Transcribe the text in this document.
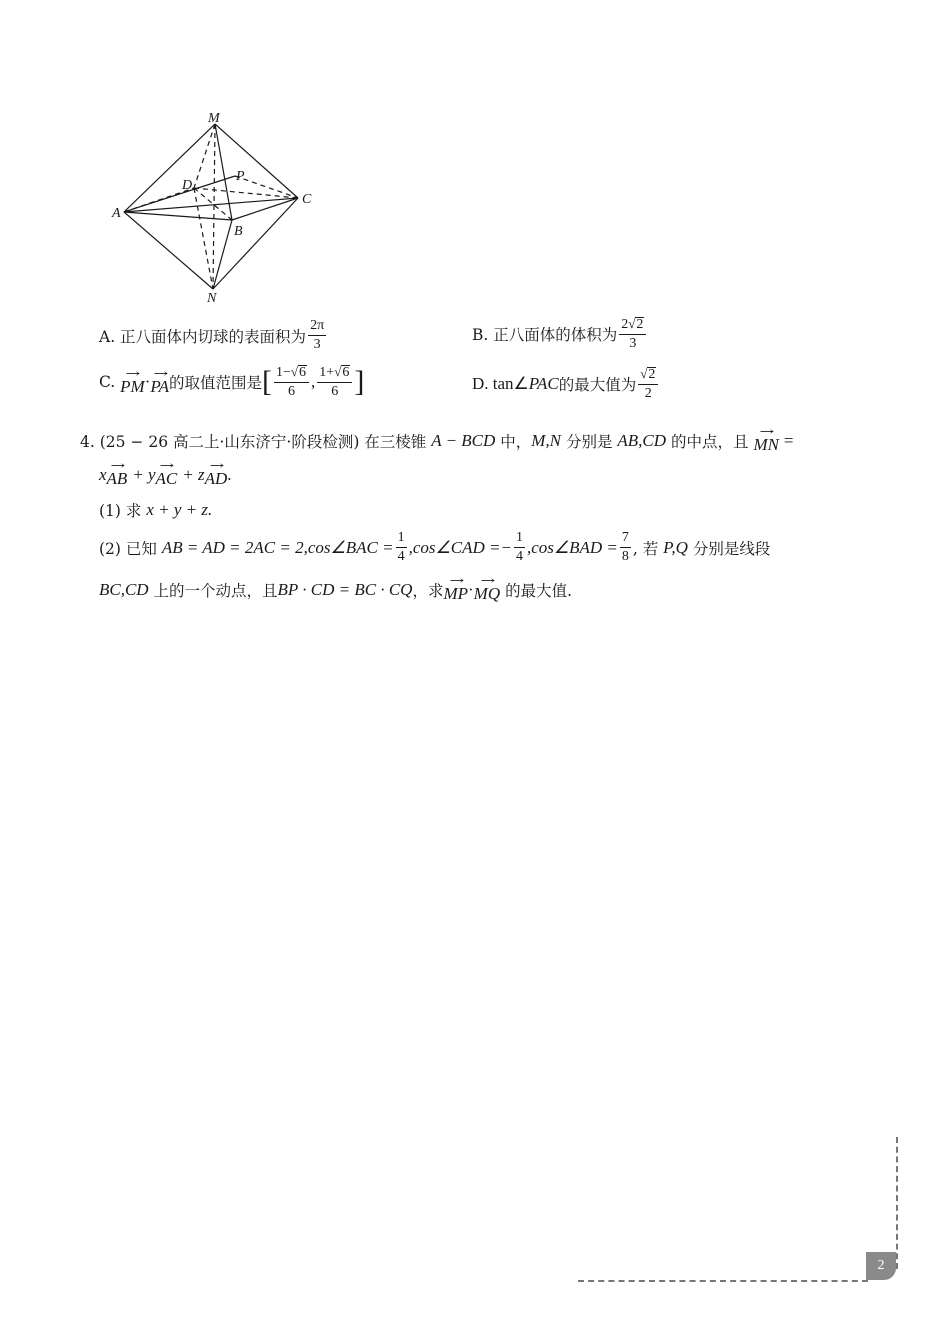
M
N
A
B
C
D
P
A. 正八面体内切球的表面积为 $\frac{2\pi}{3}$	B. 正八面体的体积为 $\frac{2 √ 2}{3}$
C.
→
PM · →
PA 的取值范围是 [ $\frac{1- √ 6}{6}$ , $\frac{1+ √ 6}{6}$ ]	D. tan∠ PAC 的最大值为 $\frac{√ 2}{2}$
4. (25 − 26 高二上·山东济宁·阶段检测) 在三棱锥
A − BCD
中， M,N
分别是
AB,CD
的中点，且

→
MN
=
x →
AB
+ y →
AC
+ z →
AD .
(1) 求
x + y + z.
(2) 已知
AB = AD = 2AC = 2, cos∠BAC = $\frac{1}{4}$ ,cos∠CAD =− $\frac{1}{4}$ ,cos∠BAD = $\frac{7}{8}$ , 若
P,Q
分别是线段
BC,CD
上的一个动点，且 BP · CD = BC · CQ ，求
→
MP · →
MQ
的最大值.
2
